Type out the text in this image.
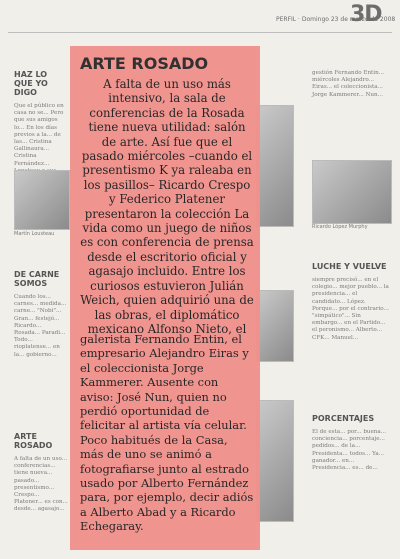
PERFIL · Domingo 23 de marzo de 2008
3D
HAZ LO QUE YO DIGO

Que el público en casa no se... Pero que sus amigos lo... En los días previos a la... de las... Cristina Gallinaura... Cristina Fernández...

Martín Lousteau
DE CARNE SOMOS

Cuando los... carnes... medida... carne... "Nobi"... Gran... festejó... Ricardo... Rosada... Paradi... Todo... rioplatense... en la... gobierno...

ARTE ROSADO

A falta de un uso... conferencias... tiene nueva... pasado... presentismo... Crespo... Platener... es con... desde... agasajo...

gestión Fernando Entin... miércoles Alejandro... Eiras... el coleccionista... Jorge Kammerer... Nun...

Ricardo López Murphy
LUCHE Y VUELVE

siempre precisó... en el colegio... mejor pueblo... la presidencia... el candidato... López. Porque... por el contrario... "simpático"... Sin embargo... en el Partido... el peronismo... Alberto... CFK... Manuel...

PORCENTAJES

El de esta... por... buena... conciencia... porcentaje... pedidos... de la... Presidenta... todos... Ya... ganador... en... Presidencia... es... de...

ARTE ROSADO

A falta de un uso más intensivo, la sala de conferencias de la Rosada tiene nueva utilidad: salón de arte. Así fue que el pasado miércoles –cuando el presentismo K ya raleaba en los pasillos– Ricardo Crespo y Federico Platener presentaron la colección La vida como un juego de niños es con conferencia de prensa desde el escritorio oficial y agasajo incluido. Entre los curiosos estuvieron Julián Weich, quien adquirió una de las obras, el diplomático mexicano Alfonso Nieto, el

galerista Fernando Entin, el empresario Alejandro Eiras y el coleccionista Jorge Kammerer. Ausente con aviso: José Nun, quien no perdió oportunidad de felicitar al artista vía celular. Poco habitués de la Casa, más de uno se animó a fotografiarse junto al estrado usado por Alberto Fernández para, por ejemplo, decir adiós a Alberto Abad y a Ricardo Echegaray.
